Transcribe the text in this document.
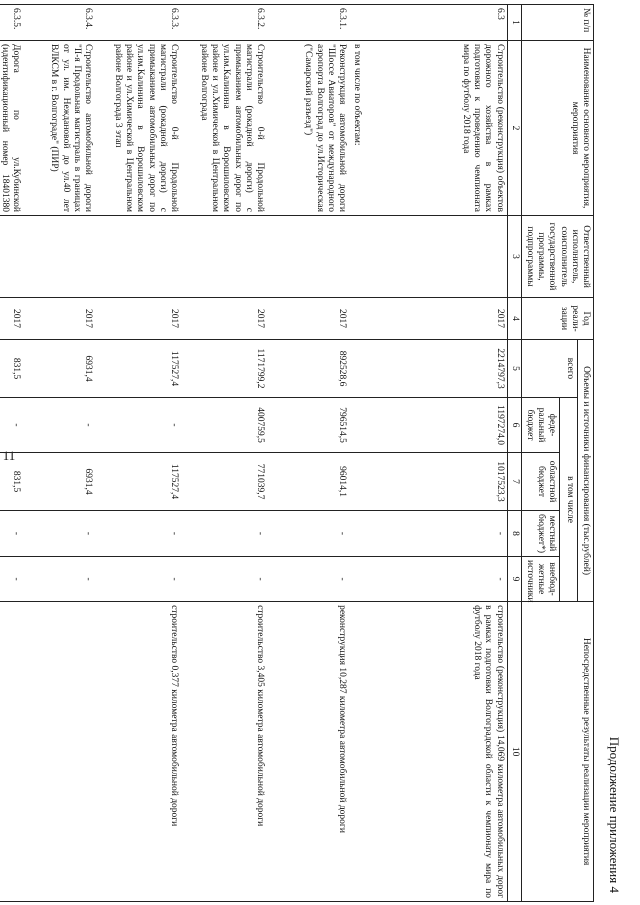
11
Продолжение приложения 4
№ п/п	Наименование основного мероприятия, мероприятия	Ответственный исполнитель, соисполнитель государственной программы, подпрограммы	Год реали-зации	Объемы и источники финансирования (тыс.рублей)					Непосредственные результаты реализации мероприятия
				всего	в том числе				
					феде-ральный бюджет	областной бюджет	местный бюджет*)	внебюд-жетные источники	
1	2	3	4	5	6	7	8	9	10
6.3	Строительство (реконструкция) объектов дорожного хозяйства в рамках подготовки к проведению чемпионата мира по футболу 2018 года		2017	2214797,3	1197274,0	1017523,3	-	-	строительство (реконструкция) 14,069 километра автомобильных дорог в рамках подготовки Волгоградской области к чемпионату мира по футболу 2018 года
	в том числе по объектам:								
6.3.1.	Реконструкция автомобильной дороги "Шоссе Авиаторов" от международного аэропорта Волгоград до ул.Историческая ("Самарский разъезд")		2017	892528,6	796514,5	96014,1	-	-	реконструкция 10,287 километра автомобильной дороги
6.3.2.	Строительство 0-й Продольной магистрали (рокадной дороги) с примыканием автомобильных дорог по ул.им.Калинина в Ворошиловском районе и ул.Химической в Центральном районе Волгограда		2017	1171799,2	400759,5	771039,7	-	-	строительство 3,405 километра автомобильной дороги
6.3.3.	Строительство 0-й Продольной магистрали (рокадной дороги) с примыканием автомобильных дорог по ул.им.Калинина в Ворошиловском районе и ул.Химической в Центральном районе Волгограда 3 этап		2017	117527,4	-	117527,4	-	-	строительство 0,377 километра автомобильной дороги
6.3.4.	Строительство автомобильной дороги "II-я Продольная магистраль в границах от ул. им. Неждановой до ул.40 лет ВЛКСМ в г. Волгограде" (ПИР)		2017	6931,4	-	6931,4	-	-	
6.3.5.	Дорога по ул.Кубинской (идентификационный номер 18401380		2017	831,5	-	831,5	-	-	
